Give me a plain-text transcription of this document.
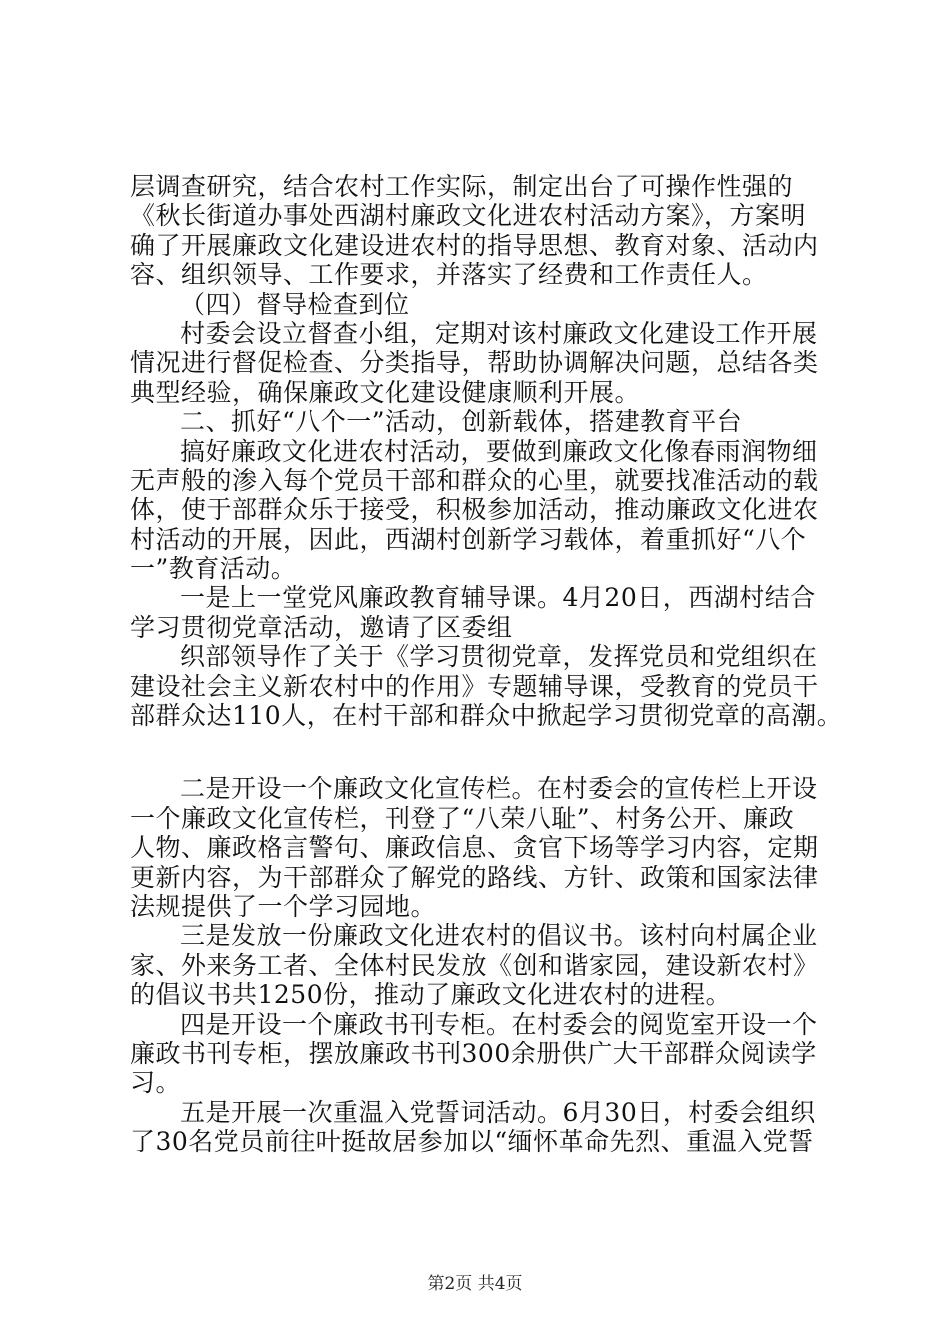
层调查研究，结合农村工作实际，制定出台了可操作性强的
《秋长街道办事处西湖村廉政文化进农村活动方案》，方案明
确了开展廉政文化建设进农村的指导思想、教育对象、活动内
容、组织领导、工作要求，并落实了经费和工作责任人。
（四）督导检查到位
村委会设立督查小组，定期对该村廉政文化建设工作开展
情况进行督促检查、分类指导，帮助协调解决问题，总结各类
典型经验，确保廉政文化建设健康顺利开展。
二、抓好“八个一”活动，创新载体，搭建教育平台
搞好廉政文化进农村活动，要做到廉政文化像春雨润物细
无声般的渗入每个党员干部和群众的心里，就要找准活动的载
体，使于部群众乐于接受，积极参加活动，推动廉政文化进农
村活动的开展，因此，西湖村创新学习载体，着重抓好“八个
一”教育活动。
一是上一堂党风廉政教育辅导课。4月20日，西湖村结合
学习贯彻党章活动，邀请了区委组
织部领导作了关于《学习贯彻党章，发挥党员和党组织在
建设社会主义新农村中的作用》专题辅导课，受教育的党员干
部群众达110人，在村干部和群众中掀起学习贯彻党章的高潮。
二是开设一个廉政文化宣传栏。在村委会的宣传栏上开设
一个廉政文化宣传栏，刊登了“八荣八耻”、村务公开、廉政
人物、廉政格言警句、廉政信息、贪官下场等学习内容，定期
更新内容，为干部群众了解党的路线、方针、政策和国家法律
法规提供了一个学习园地。
三是发放一份廉政文化进农村的倡议书。该村向村属企业
家、外来务工者、全体村民发放《创和谐家园，建设新农村》
的倡议书共1250份，推动了廉政文化进农村的进程。
四是开设一个廉政书刊专柜。在村委会的阅览室开设一个
廉政书刊专柜，摆放廉政书刊300余册供广大干部群众阅读学
习。
五是开展一次重温入党誓词活动。6月30日，村委会组织
了30名党员前往叶挺故居参加以“缅怀革命先烈、重温入党誓
第2页 共4页
